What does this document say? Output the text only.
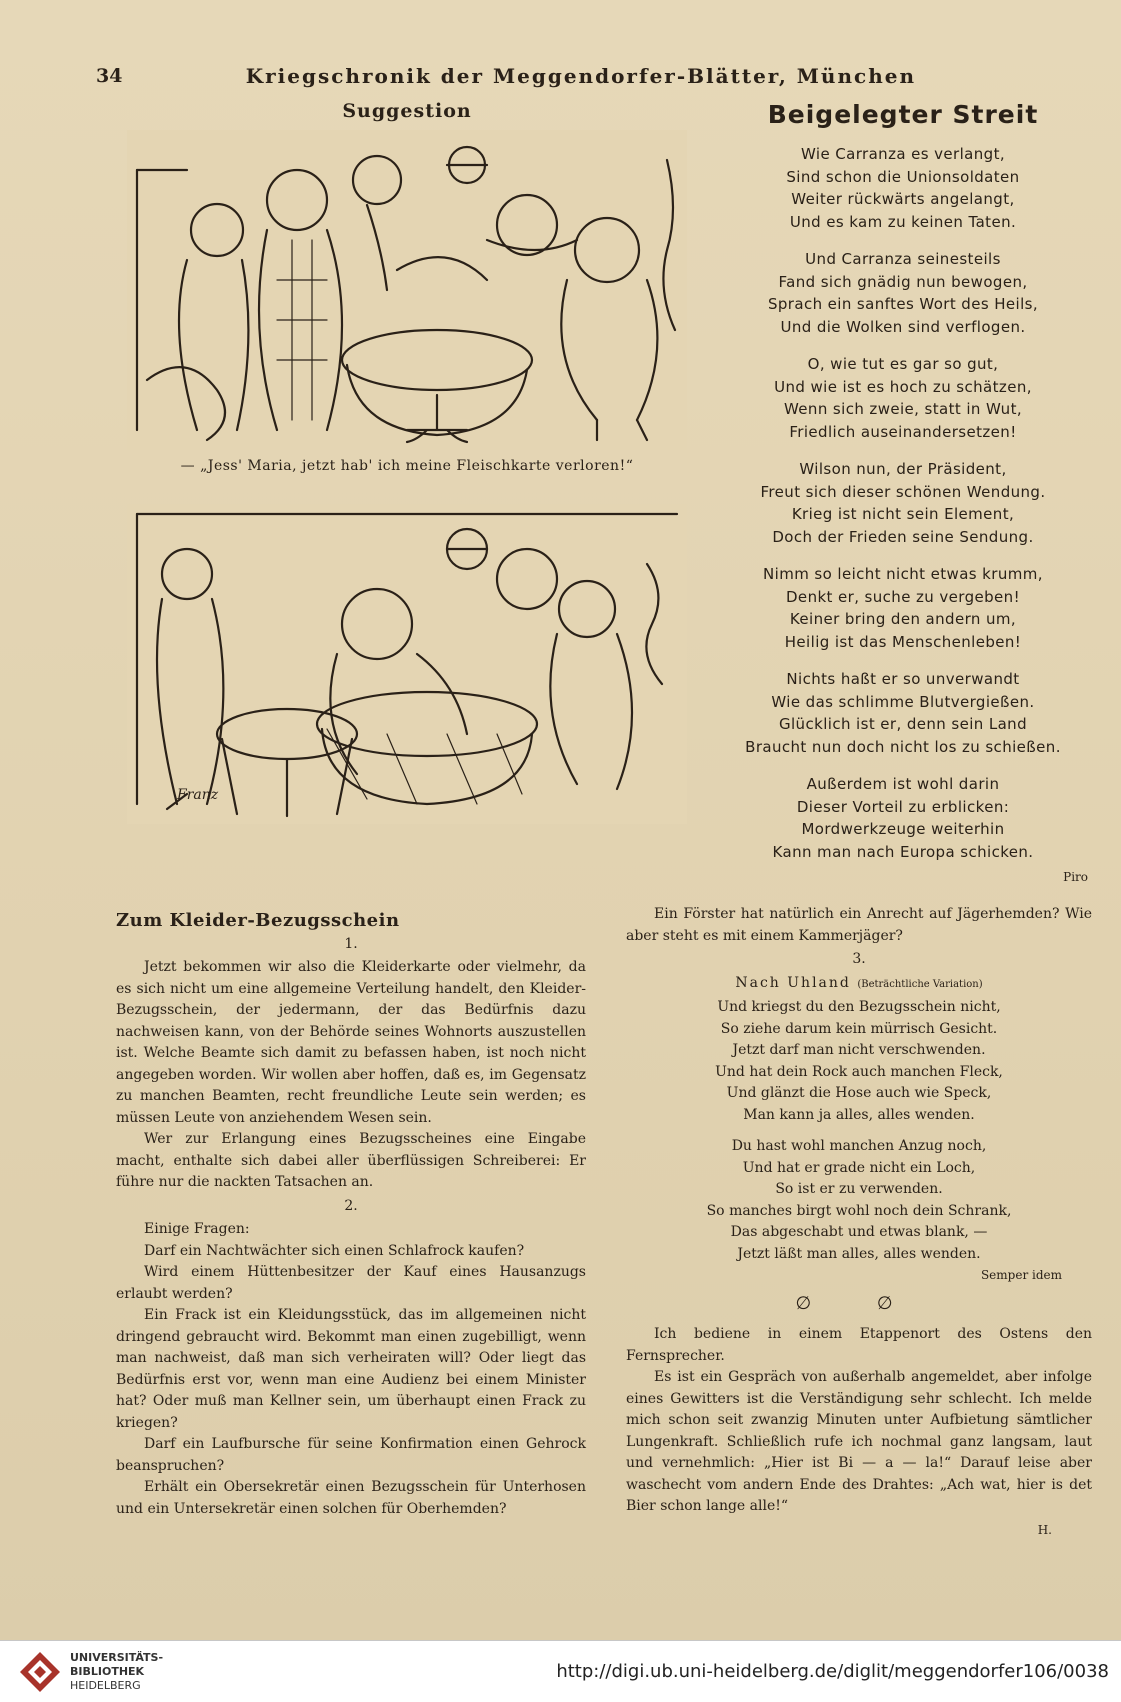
34	Kriegschronik der Meggendorfer-Blätter, München
Suggestion
— „Jess' Maria, jetzt hab' ich meine Fleischkarte verloren!“
Franz
Beigelegter Streit
Wie Carranza es verlangt,
Sind schon die Unionsoldaten
Weiter rückwärts angelangt,
Und es kam zu keinen Taten.
Und Carranza seinesteils
Fand sich gnädig nun bewogen,
Sprach ein sanftes Wort des Heils,
Und die Wolken sind verflogen.
O, wie tut es gar so gut,
Und wie ist es hoch zu schätzen,
Wenn sich zweie, statt in Wut,
Friedlich auseinandersetzen!
Wilson nun, der Präsident,
Freut sich dieser schönen Wendung.
Krieg ist nicht sein Element,
Doch der Frieden seine Sendung.
Nimm so leicht nicht etwas krumm,
Denkt er, suche zu vergeben!
Keiner bring den andern um,
Heilig ist das Menschenleben!
Nichts haßt er so unverwandt
Wie das schlimme Blutvergießen.
Glücklich ist er, denn sein Land
Braucht nun doch nicht los zu schießen.
Außerdem ist wohl darin
Dieser Vorteil zu erblicken:
Mordwerkzeuge weiterhin
Kann man nach Europa schicken.
Piro
Zum Kleider-Bezugsschein
1.

Jetzt bekommen wir also die Kleiderkarte oder vielmehr, da es sich nicht um eine allgemeine Verteilung handelt, den Kleider-Bezugsschein, der jedermann, der das Bedürfnis dazu nachweisen kann, von der Behörde seines Wohnorts auszustellen ist. Welche Beamte sich damit zu befassen haben, ist noch nicht angegeben worden. Wir wollen aber hoffen, daß es, im Gegensatz zu manchen Beamten, recht freundliche Leute sein werden; es müssen Leute von anziehendem Wesen sein.

Wer zur Erlangung eines Bezugsscheines eine Eingabe macht, enthalte sich dabei aller überflüssigen Schreiberei: Er führe nur die nackten Tatsachen an.

2.

Einige Fragen:

Darf ein Nachtwächter sich einen Schlafrock kaufen?

Wird einem Hüttenbesitzer der Kauf eines Hausanzugs erlaubt werden?

Ein Frack ist ein Kleidungsstück, das im allgemeinen nicht dringend gebraucht wird. Bekommt man einen zugebilligt, wenn man nachweist, daß man sich verheiraten will? Oder liegt das Bedürfnis erst vor, wenn man eine Audienz bei einem Minister hat? Oder muß man Kellner sein, um überhaupt einen Frack zu kriegen?

Darf ein Laufbursche für seine Konfirmation einen Gehrock beanspruchen?

Erhält ein Obersekretär einen Bezugsschein für Unterhosen und ein Untersekretär einen solchen für Oberhemden?

Ein Förster hat natürlich ein Anrecht auf Jägerhemden? Wie aber steht es mit einem Kammerjäger?

3.
Nach Uhland (Beträchtliche Variation)
Und kriegst du den Bezugsschein nicht,
So ziehe darum kein mürrisch Gesicht.
Jetzt darf man nicht verschwenden.
Und hat dein Rock auch manchen Fleck,
Und glänzt die Hose auch wie Speck,
Man kann ja alles, alles wenden.
Du hast wohl manchen Anzug noch,
Und hat er grade nicht ein Loch,
So ist er zu verwenden.
So manches birgt wohl noch dein Schrank,
Das abgeschabt und etwas blank, —
Jetzt läßt man alles, alles wenden.
Semper idem
∅ ∅

Ich bediene in einem Etappenort des Ostens den Fernsprecher.

Es ist ein Gespräch von außerhalb angemeldet, aber infolge eines Gewitters ist die Verständigung sehr schlecht. Ich melde mich schon seit zwanzig Minuten unter Aufbietung sämtlicher Lungenkraft. Schließlich rufe ich nochmal ganz langsam, laut und vernehmlich: „Hier ist Bi — a — la!“ Darauf leise aber waschecht vom andern Ende des Drahtes: „Ach wat, hier is det Bier schon lange alle!“

H.
UNIVERSITÄTS-
BIBLIOTHEK
HEIDELBERG
http://digi.ub.uni-heidelberg.de/diglit/meggendorfer106/0038
